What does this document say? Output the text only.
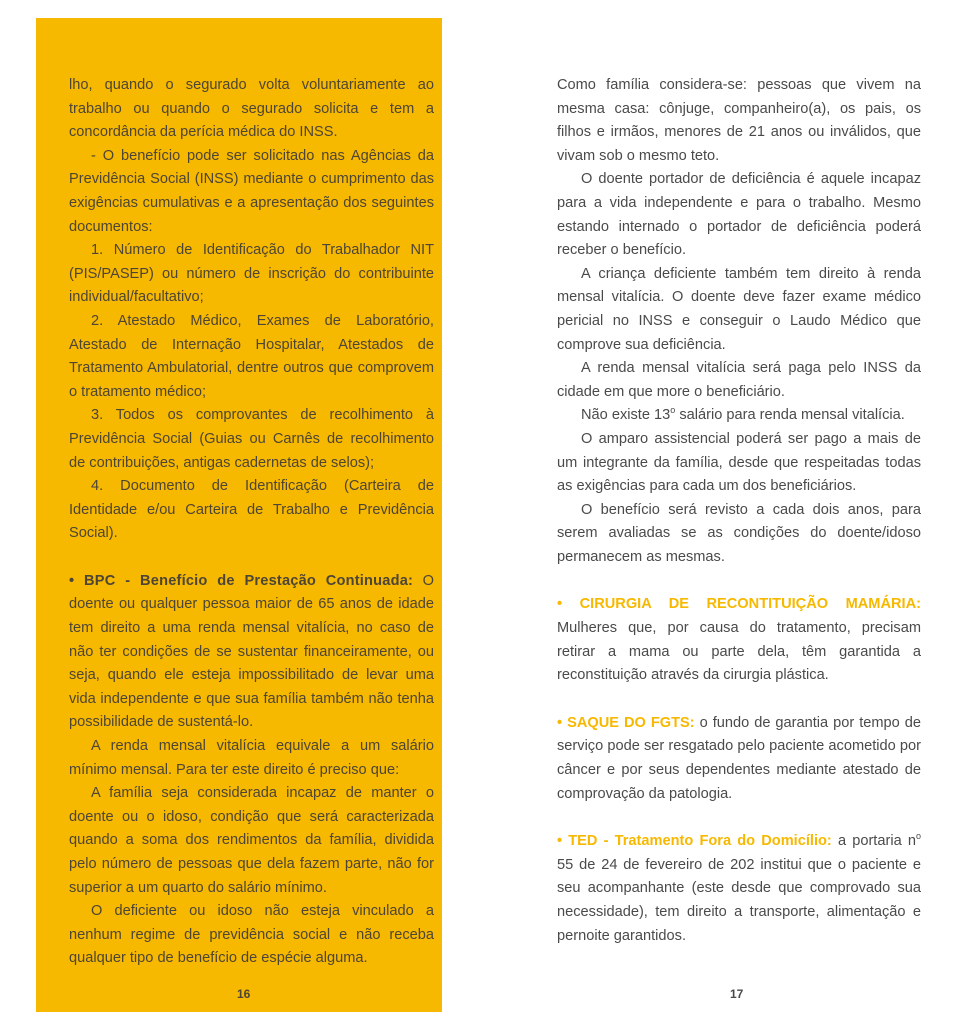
lho, quando o segurado volta voluntariamente ao trabalho ou quando o segurado solicita e tem a concordância da perícia médica do INSS.

- O benefício pode ser solicitado nas Agências da Previdência Social (INSS) mediante o cumprimento das exigências cumulativas e a apresentação dos seguintes documentos:

1. Número de Identificação do Trabalhador NIT (PIS/PASEP) ou número de inscrição do contribuinte individual/facultativo;

2. Atestado Médico, Exames de Laboratório, Atestado de Internação Hospitalar, Atestados de Tratamento Ambulatorial, dentre outros que comprovem o tratamento médico;

3. Todos os comprovantes de recolhimento à Previdência Social (Guias ou Carnês de recolhimento de contribuições, antigas cadernetas de selos);

4. Documento de Identificação (Carteira de Identidade e/ou Carteira de Trabalho e Previdência Social).

• BPC - Benefício de Prestação Continuada: O doente ou qualquer pessoa maior de 65 anos de idade tem direito a uma renda mensal vitalícia, no caso de não ter condições de se sustentar financeiramente, ou seja, quando ele esteja impossibilitado de levar uma vida independente e que sua família também não tenha possibilidade de sustentá-lo.

A renda mensal vitalícia equivale a um salário mínimo mensal. Para ter este direito é preciso que:

A família seja considerada incapaz de manter o doente ou o idoso, condição que será caracterizada quando a soma dos rendimentos da família, dividida pelo número de pessoas que dela fazem parte, não for superior a um quarto do salário mínimo.

O deficiente ou idoso não esteja vinculado a nenhum regime de previdência social e não receba qualquer tipo de benefício de espécie alguma.

16

Como família considera-se: pessoas que vivem na mesma casa: cônjuge, companheiro(a), os pais, os filhos e irmãos, menores de 21 anos ou inválidos, que vivam sob o mesmo teto.

O doente portador de deficiência é aquele incapaz para a vida independente e para o trabalho. Mesmo estando internado o portador de deficiência poderá receber o benefício.

A criança deficiente também tem direito à renda mensal vitalícia. O doente deve fazer exame médico pericial no INSS e conseguir o Laudo Médico que comprove sua deficiência.

A renda mensal vitalícia será paga pelo INSS da cidade em que more o beneficiário.

Não existe 13$^o$ salário para renda mensal vitalícia.

O amparo assistencial poderá ser pago a mais de um integrante da família, desde que respeitadas todas as exigências para cada um dos beneficiários.

O benefício será revisto a cada dois anos, para serem avaliadas se as condições do doente/idoso permanecem as mesmas.

• CIRURGIA DE RECONTITUIÇÃO MAMÁRIA: Mulheres que, por causa do tratamento, precisam retirar a mama ou parte dela, têm garantida a reconstituição através da cirurgia plástica.

• SAQUE DO FGTS: o fundo de garantia por tempo de serviço pode ser resgatado pelo paciente acometido por câncer e por seus dependentes mediante atestado de comprovação da patologia.

• TED - Tratamento Fora do Domicílio: a portaria $n^o$ 55 de 24 de fevereiro de 202 institui que o paciente e seu acompanhante (este desde que comprovado sua necessidade), tem direito a transporte, alimentação e pernoite garantidos.

17
